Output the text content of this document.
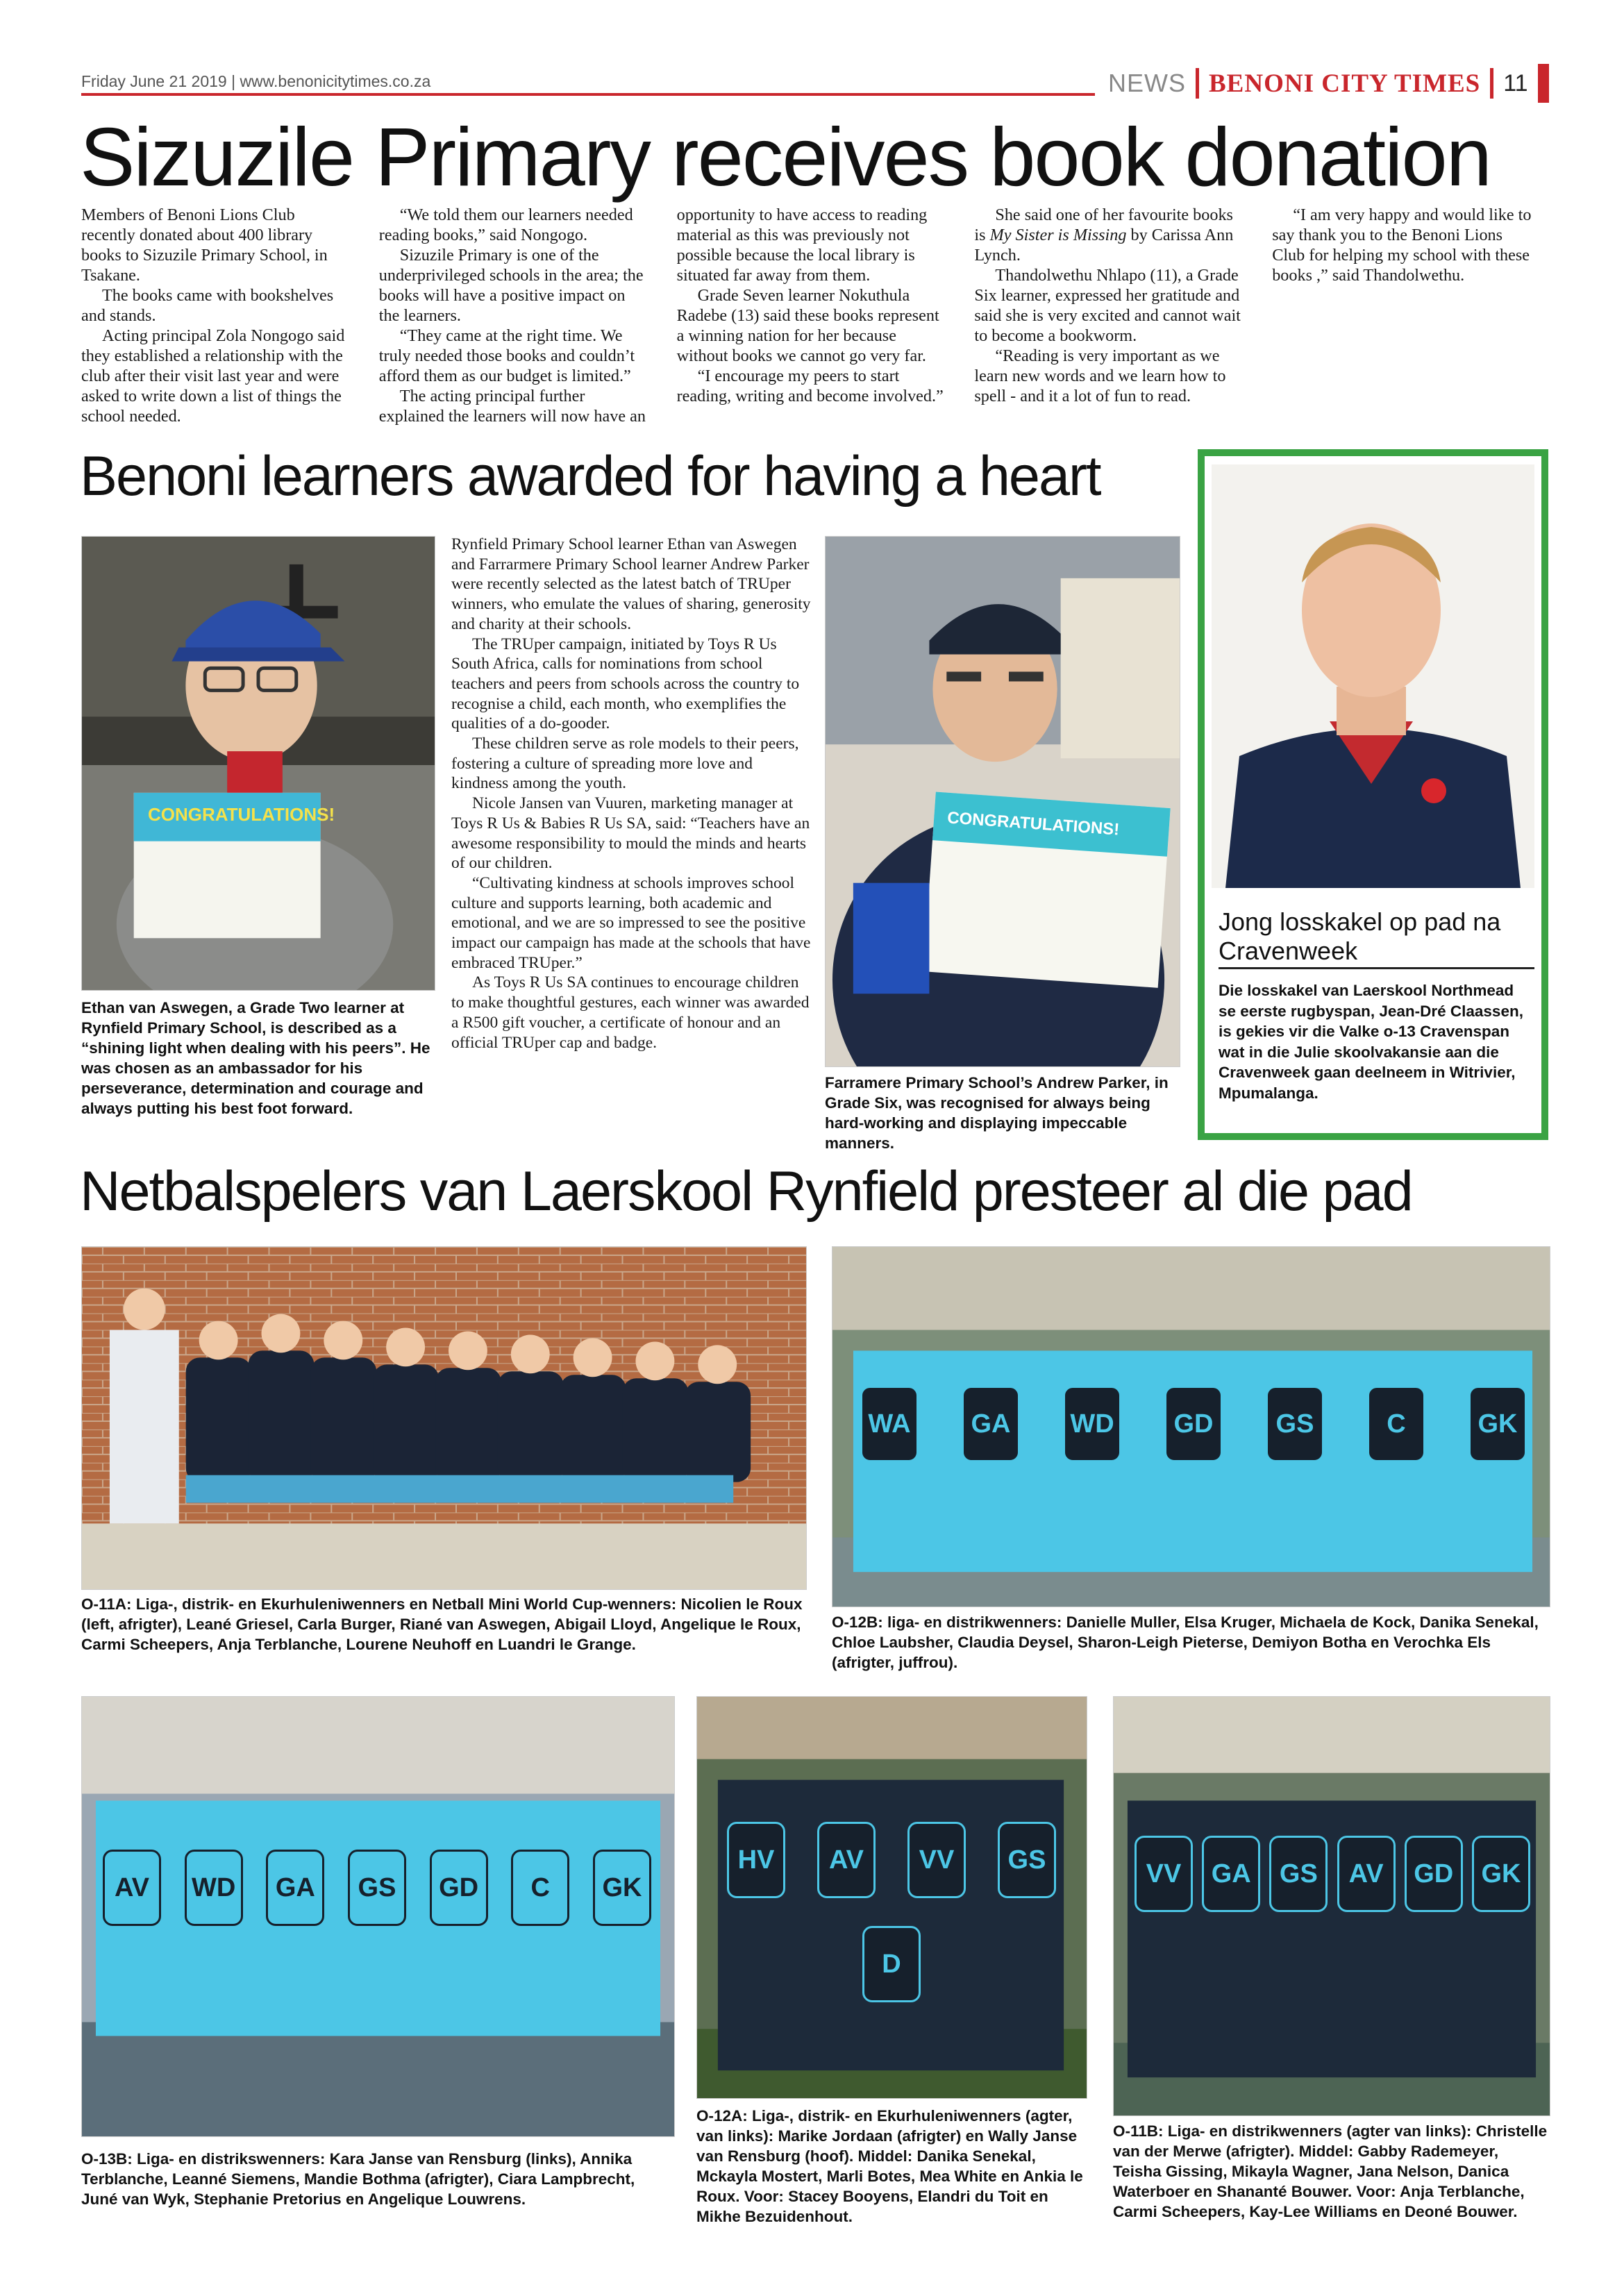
Friday June 21 2019 | www.benonicitytimes.co.za	NEWS BENONI CITY TIMES 11
Sizuzile Primary receives book donation

Members of Benoni Lions Club recently donated about 400 library books to Sizuzile Primary School, in Tsakane.

The books came with bookshelves and stands.

Acting principal Zola Nongogo said they established a relationship with the club after their visit last year and were asked to write down a list of things the school needed.

“We told them our learners needed reading books,” said Nongogo.

Sizuzile Primary is one of the underprivileged schools in the area; the books will have a positive impact on the learners.

“They came at the right time. We truly needed those books and couldn’t afford them as our budget is limited.”

The acting principal further explained the learners will now have an opportunity to have access to reading material as this was previously not possible because the local library is situated far away from them.

Grade Seven learner Nokuthula Radebe (13) said these books represent a winning nation for her because without books we cannot go very far.

“I encourage my peers to start reading, writing and become involved.”

She said one of her favourite books is My Sister is Missing by Carissa Ann Lynch.

Thandolwethu Nhlapo (11), a Grade Six learner, expressed her gratitude and said she is very excited and cannot wait to become a bookworm.

“Reading is very important as we learn new words and we learn how to spell - and it a lot of fun to read.

“I am very happy and would like to say thank you to the Benoni Lions Club for helping my school with these books ,” said Thandolwethu.

Benoni learners awarded for having a heart
CONGRATULATIONS!
Ethan van Aswegen, a Grade Two learner at Rynfield Primary School, is described as a “shining light when dealing with his peers”. He was chosen as an ambassador for his perseverance, determination and courage and always putting his best foot forward.

Rynfield Primary School learner Ethan van Aswegen and Farrarmere Primary School learner Andrew Parker were recently selected as the latest batch of TRUper winners, who emulate the values of sharing, generosity and charity at their schools.

The TRUper campaign, initiated by Toys R Us South Africa, calls for nominations from school teachers and peers from schools across the country to recognise a child, each month, who exemplifies the qualities of a do-gooder.

These children serve as role models to their peers, fostering a culture of spreading more love and kindness among the youth.

Nicole Jansen van Vuuren, marketing manager at Toys R Us & Babies R Us SA, said: “Teachers have an awesome responsibility to mould the minds and hearts of our children.

“Cultivating kindness at schools improves school culture and supports learning, both academic and emotional, and we are so impressed to see the positive impact our campaign has made at the schools that have embraced TRUper.”

As Toys R Us SA continues to encourage children to make thoughtful gestures, each winner was awarded a R500 gift voucher, a certificate of honour and an official TRUper cap and badge.

CONGRATULATIONS!
Farramere Primary School’s Andrew Parker, in Grade Six, was recognised for always being hard-working and displaying impeccable manners.
Jong losskakel op pad na Cravenweek
Die losskakel van Laerskool Northmead se eerste rugbyspan, Jean-Dré Claassen, is gekies vir die Valke o-13 Cravenspan wat in die Julie skoolvakansie aan die Cravenweek gaan deelneem in Witrivier, Mpumalanga.
Netbalspelers van Laerskool Rynfield presteer al die pad
O-11A: Liga-, distrik- en Ekurhuleniwenners en Netball Mini World Cup-wenners: Nicolien le Roux (left, afrigter), Leané Griesel, Carla Burger, Riané van Aswegen, Abigail Lloyd, Angelique le Roux, Carmi Scheepers, Anja Terblanche, Lourene Neuhoff en Luandri le Grange.
WA	GA	WD	GD	GS	C	GK
O-12B: liga- en distrikwenners: Danielle Muller, Elsa Kruger, Michaela de Kock, Danika Senekal, Chloe Laubsher, Claudia Deysel, Sharon-Leigh Pieterse, Demiyon Botha en Verochka Els (afrigter, juffrou).
AV	WD	GA	GS	GD	C	GK
O-13B: Liga- en distrikswenners: Kara Janse van Rensburg (links), Annika Terblanche, Leanné Siemens, Mandie Bothma (afrigter), Ciara Lampbrecht, Juné van Wyk, Stephanie Pretorius en Angelique Louwrens.
HV	AV	VV	GS
D
O-12A: Liga-, distrik- en Ekurhuleniwenners (agter, van links): Marike Jordaan (afrigter) en Wally Janse van Rensburg (hoof). Middel: Danika Senekal, Mckayla Mostert, Marli Botes, Mea White en Ankia le Roux. Voor: Stacey Booyens, Elandri du Toit en Mikhe Bezuidenhout.
VV	GA	GS	AV	GD	GK
O-11B: Liga- en distrikwenners (agter van links): Christelle van der Merwe (afrigter). Middel: Gabby Rademeyer, Teisha Gissing, Mikayla Wagner, Jana Nelson, Danica Waterboer en Shananté Bouwer. Voor: Anja Terblanche, Carmi Scheepers, Kay-Lee Williams en Deoné Bouwer.
